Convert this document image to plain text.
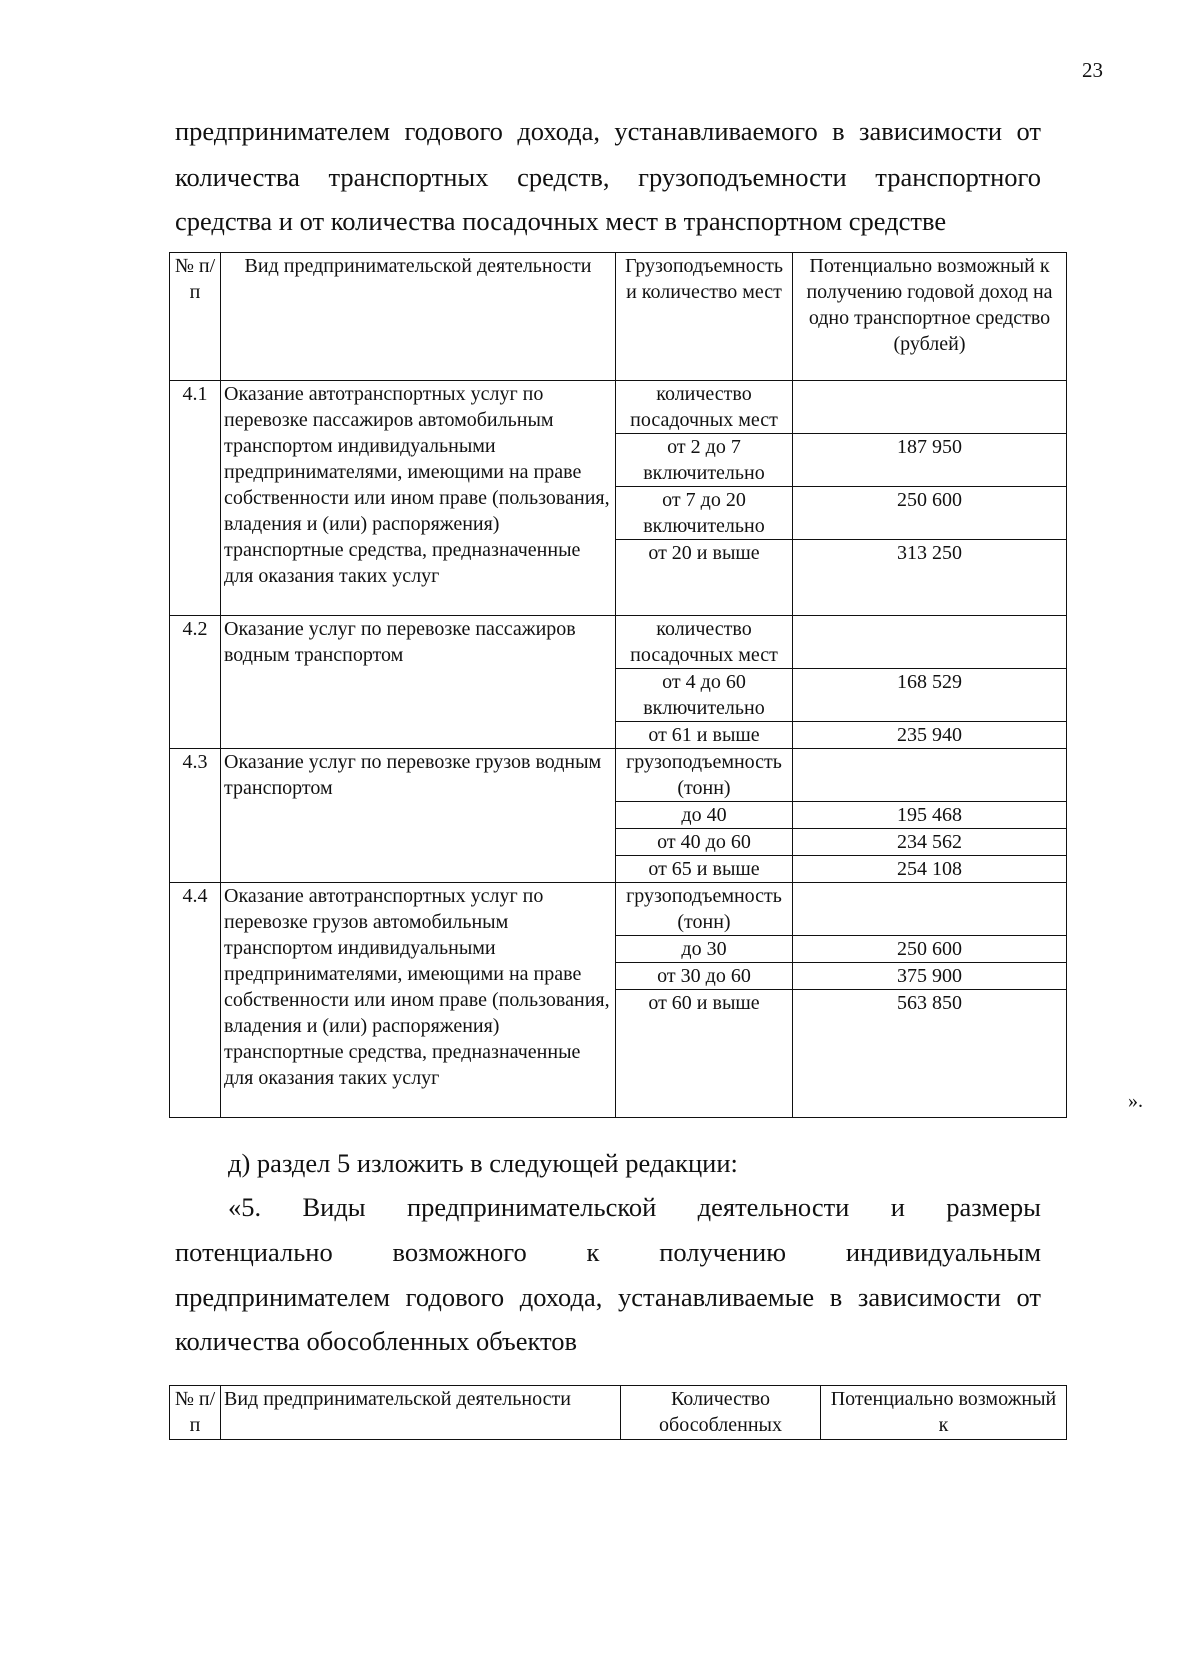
23
предпринимателем годового дохода, устанавливаемого в зависимости от
количества транспортных средств, грузоподъемности транспортного
средства и от количества посадочных мест в транспортном средстве
№ п/п	Вид предпринимательской деятельности	Грузоподъемность и количество мест	Потенциально возможный к получению годовой доход на одно транспортное средство (рублей)
4.1	Оказание автотранспортных услуг по перевозке пассажиров автомобильным транспортом индивидуальными предпринимателями, имеющими на праве собственности или ином праве (пользования, владения и (или) распоряжения) транспортные средства, предназначенные для оказания таких услуг	количество посадочных мест	
		от 2 до 7 включительно	187 950
		от 7 до 20 включительно	250 600
		от 20 и выше	313 250
4.2	Оказание услуг по перевозке пассажиров водным транспортом	количество посадочных мест	
		от 4 до 60 включительно	168 529
		от 61 и выше	235 940
4.3	Оказание услуг по перевозке грузов водным транспортом	грузоподъемность (тонн)	
		до 40	195 468
		от 40 до 60	234 562
		от 65 и выше	254 108
4.4	Оказание автотранспортных услуг по перевозке грузов автомобильным транспортом индивидуальными предпринимателями, имеющими на праве собственности или ином праве (пользования, владения и (или) распоряжения) транспортные средства, предназначенные для оказания таких услуг	грузоподъемность (тонн)	
		до 30	250 600
		от 30 до 60	375 900
		от 60 и выше	563 850
».
д) раздел 5 изложить в следующей редакции:
«5. Виды предпринимательской деятельности и размеры
потенциально возможного к получению индивидуальным
предпринимателем годового дохода, устанавливаемые в зависимости от
количества обособленных объектов
№ п/п	Вид предпринимательской деятельности	Количество обособленных	Потенциально возможный к
